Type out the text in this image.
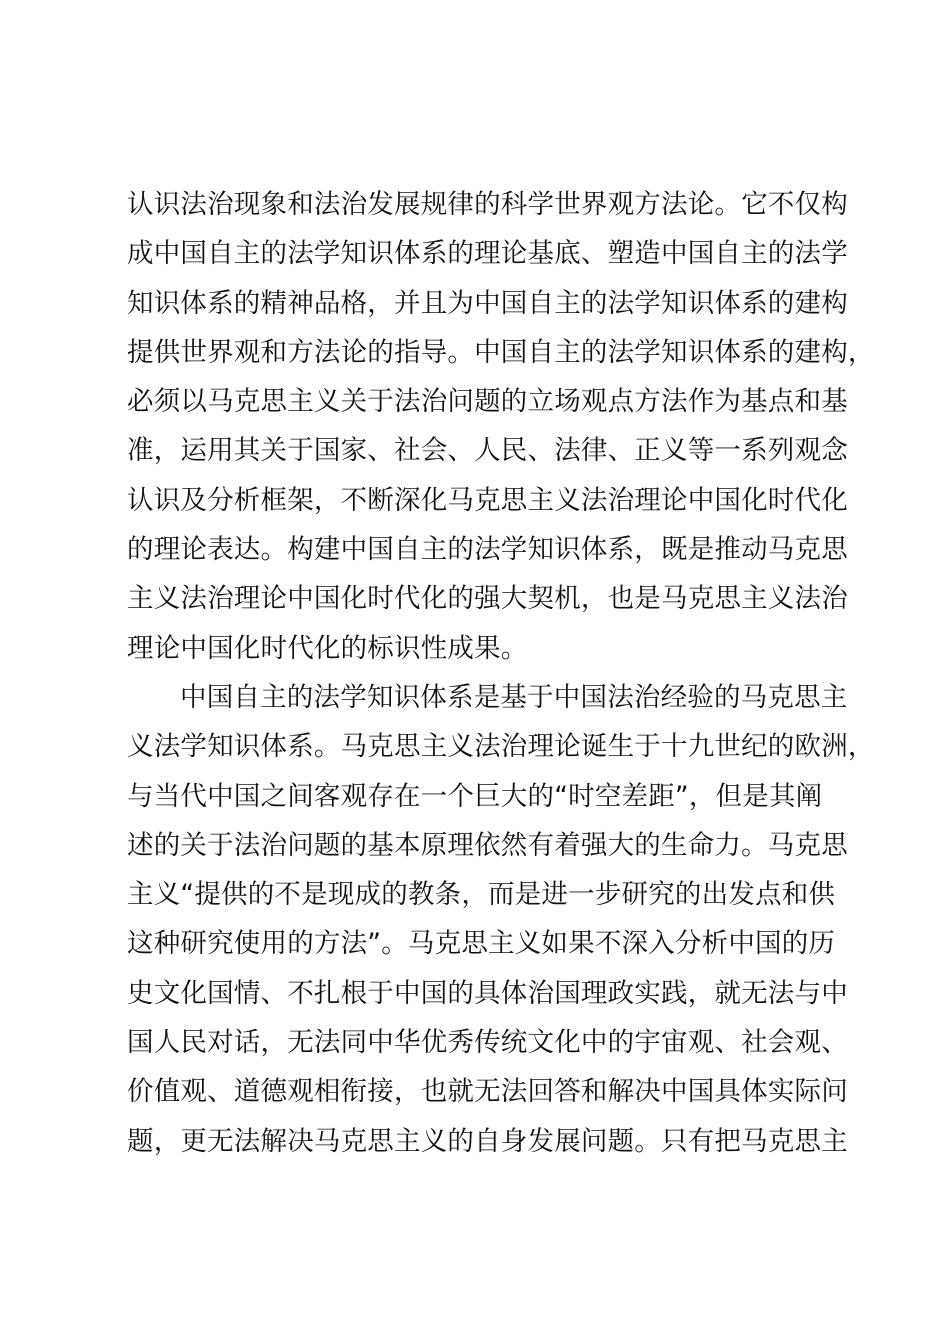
认识法治现象和法治发展规律的科学世界观方法论。它不仅构
成中国自主的法学知识体系的理论基底、塑造中国自主的法学
知识体系的精神品格，并且为中国自主的法学知识体系的建构
提供世界观和方法论的指导。中国自主的法学知识体系的建构，
必须以马克思主义关于法治问题的立场观点方法作为基点和基
准，运用其关于国家、社会、人民、法律、正义等一系列观念
认识及分析框架，不断深化马克思主义法治理论中国化时代化
的理论表达。构建中国自主的法学知识体系，既是推动马克思
主义法治理论中国化时代化的强大契机，也是马克思主义法治
理论中国化时代化的标识性成果。
中国自主的法学知识体系是基于中国法治经验的马克思主
义法学知识体系。马克思主义法治理论诞生于十九世纪的欧洲，
与当代中国之间客观存在一个巨大的“时空差距”，但是其阐
述的关于法治问题的基本原理依然有着强大的生命力。马克思
主义“提供的不是现成的教条，而是进一步研究的出发点和供
这种研究使用的方法”。马克思主义如果不深入分析中国的历
史文化国情、不扎根于中国的具体治国理政实践，就无法与中
国人民对话，无法同中华优秀传统文化中的宇宙观、社会观、
价值观、道德观相衔接，也就无法回答和解决中国具体实际问
题，更无法解决马克思主义的自身发展问题。只有把马克思主
